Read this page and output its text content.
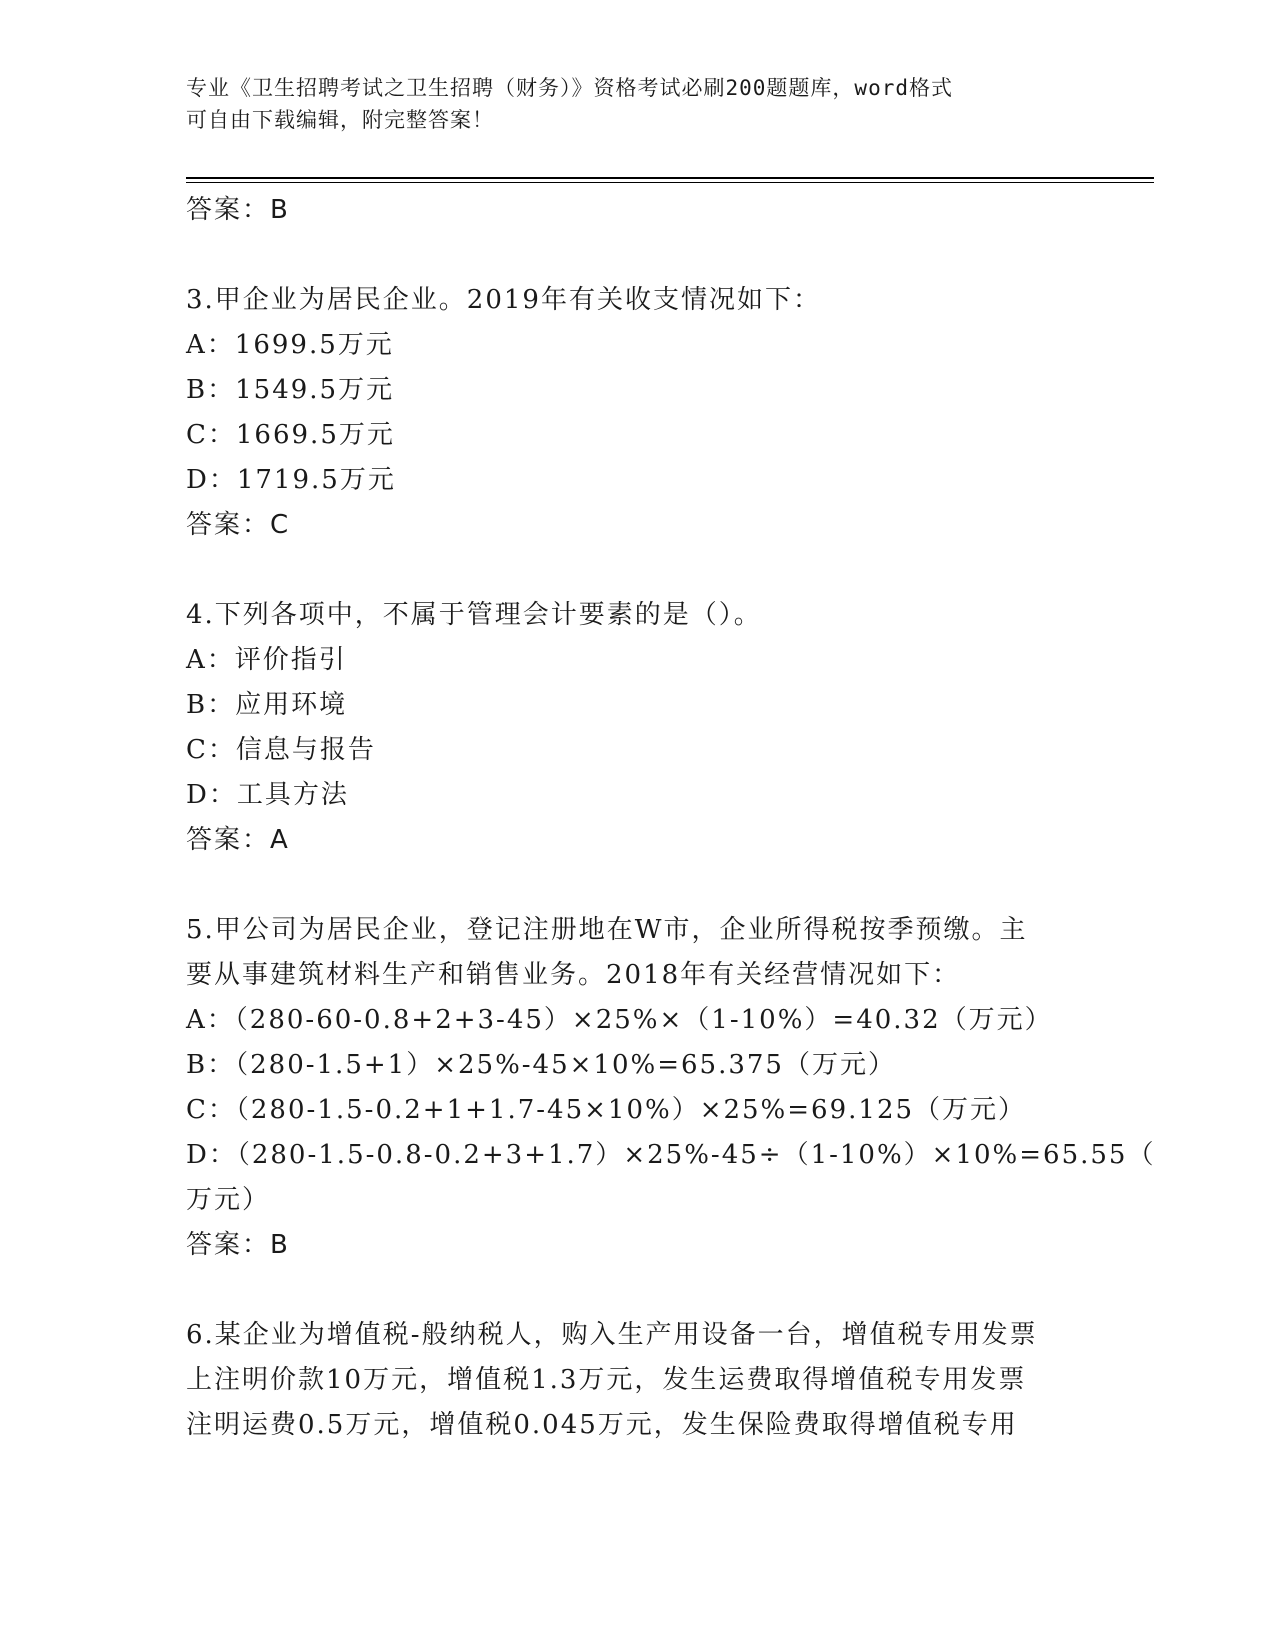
专业《卫生招聘考试之卫生招聘（财务）》资格考试必刷200题题库，word格式
可自由下载编辑，附完整答案！
答案：B
3.甲企业为居民企业。2019年有关收支情况如下：
A：1699.5万元
B：1549.5万元
C：1669.5万元
D：1719.5万元
答案：C
4.下列各项中，不属于管理会计要素的是（）。
A：评价指引
B：应用环境
C：信息与报告
D：工具方法
答案：A
5.甲公司为居民企业，登记注册地在W市，企业所得税按季预缴。主
要从事建筑材料生产和销售业务。2018年有关经营情况如下：
A：（280-60-0.8+2+3-45）×25%×（1-10%）=40.32（万元）
B：（280-1.5+1）×25%-45×10%=65.375（万元）
C：（280-1.5-0.2+1+1.7-45×10%）×25%=69.125（万元）
D：（280-1.5-0.8-0.2+3+1.7）×25%-45÷（1-10%）×10%=65.55（
万元）
答案：B
6.某企业为增值税-般纳税人，购入生产用设备一台，增值税专用发票
上注明价款10万元，增值税1.3万元，发生运费取得增值税专用发票
注明运费0.5万元，增值税0.045万元，发生保险费取得增值税专用
